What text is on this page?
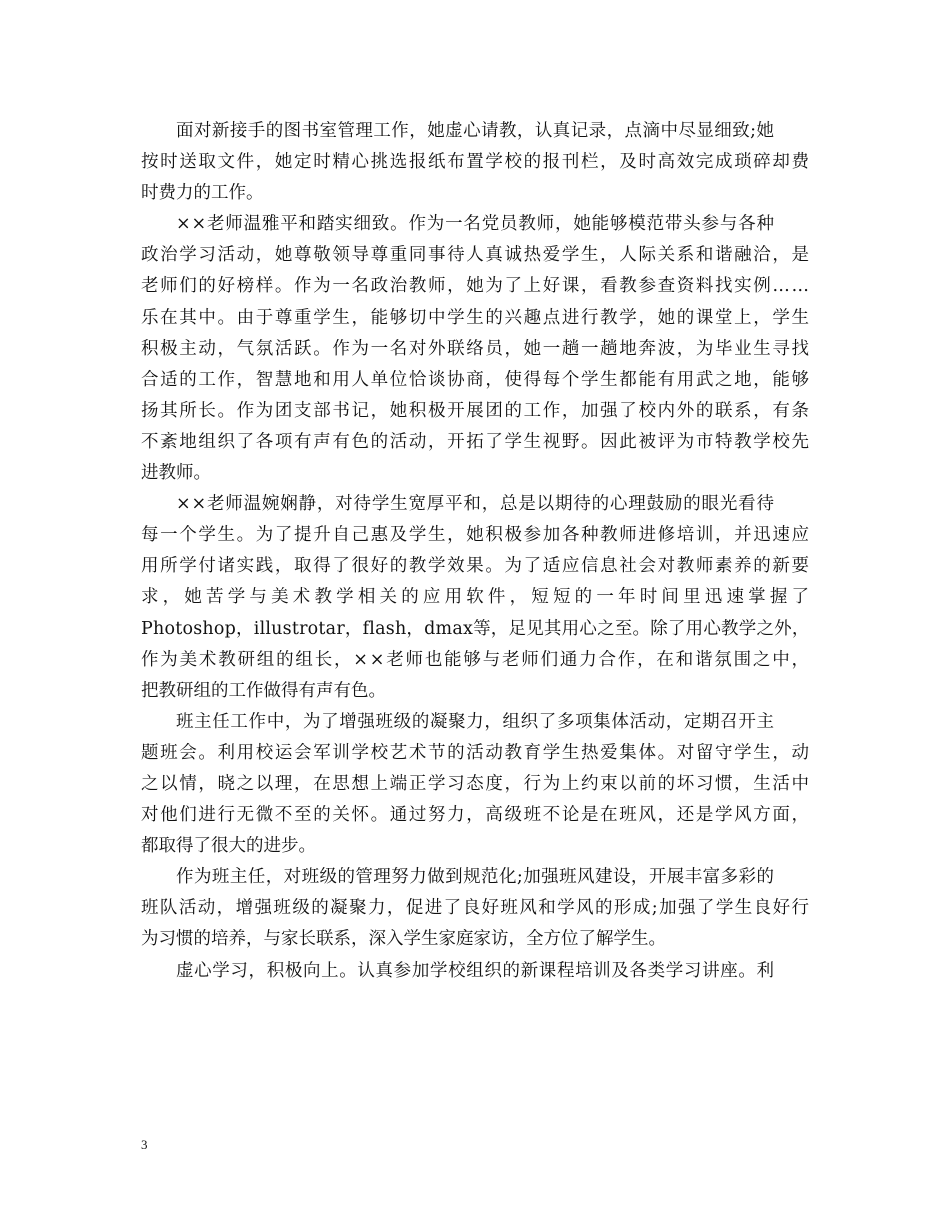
面对新接手的图书室管理工作，她虚心请教，认真记录，点滴中尽显细致;她
按时送取文件，她定时精心挑选报纸布置学校的报刊栏，及时高效完成琐碎却费
时费力的工作。

××老师温雅平和踏实细致。作为一名党员教师，她能够模范带头参与各种
政治学习活动，她尊敬领导尊重同事待人真诚热爱学生，人际关系和谐融洽，是
老师们的好榜样。作为一名政治教师，她为了上好课，看教参查资料找实例……
乐在其中。由于尊重学生，能够切中学生的兴趣点进行教学，她的课堂上，学生
积极主动，气氛活跃。作为一名对外联络员，她一趟一趟地奔波，为毕业生寻找
合适的工作，智慧地和用人单位恰谈协商，使得每个学生都能有用武之地，能够
扬其所长。作为团支部书记，她积极开展团的工作，加强了校内外的联系，有条
不紊地组织了各项有声有色的活动，开拓了学生视野。因此被评为市特教学校先
进教师。

××老师温婉娴静，对待学生宽厚平和，总是以期待的心理鼓励的眼光看待
每一个学生。为了提升自己惠及学生，她积极参加各种教师进修培训，并迅速应
用所学付诸实践，取得了很好的教学效果。为了适应信息社会对教师素养的新要
求，她苦学与美术教学相关的应用软件，短短的一年时间里迅速掌握了
Photoshop，illustrotar，flash，dmax等，足见其用心之至。除了用心教学之外，
作为美术教研组的组长，××老师也能够与老师们通力合作，在和谐氛围之中，
把教研组的工作做得有声有色。

班主任工作中，为了增强班级的凝聚力，组织了多项集体活动，定期召开主
题班会。利用校运会军训学校艺术节的活动教育学生热爱集体。对留守学生，动
之以情，晓之以理，在思想上端正学习态度，行为上约束以前的坏习惯，生活中
对他们进行无微不至的关怀。通过努力，高级班不论是在班风，还是学风方面，
都取得了很大的进步。

作为班主任，对班级的管理努力做到规范化;加强班风建设，开展丰富多彩的
班队活动，增强班级的凝聚力，促进了良好班风和学风的形成;加强了学生良好行
为习惯的培养，与家长联系，深入学生家庭家访，全方位了解学生。

虚心学习，积极向上。认真参加学校组织的新课程培训及各类学习讲座。利

3
